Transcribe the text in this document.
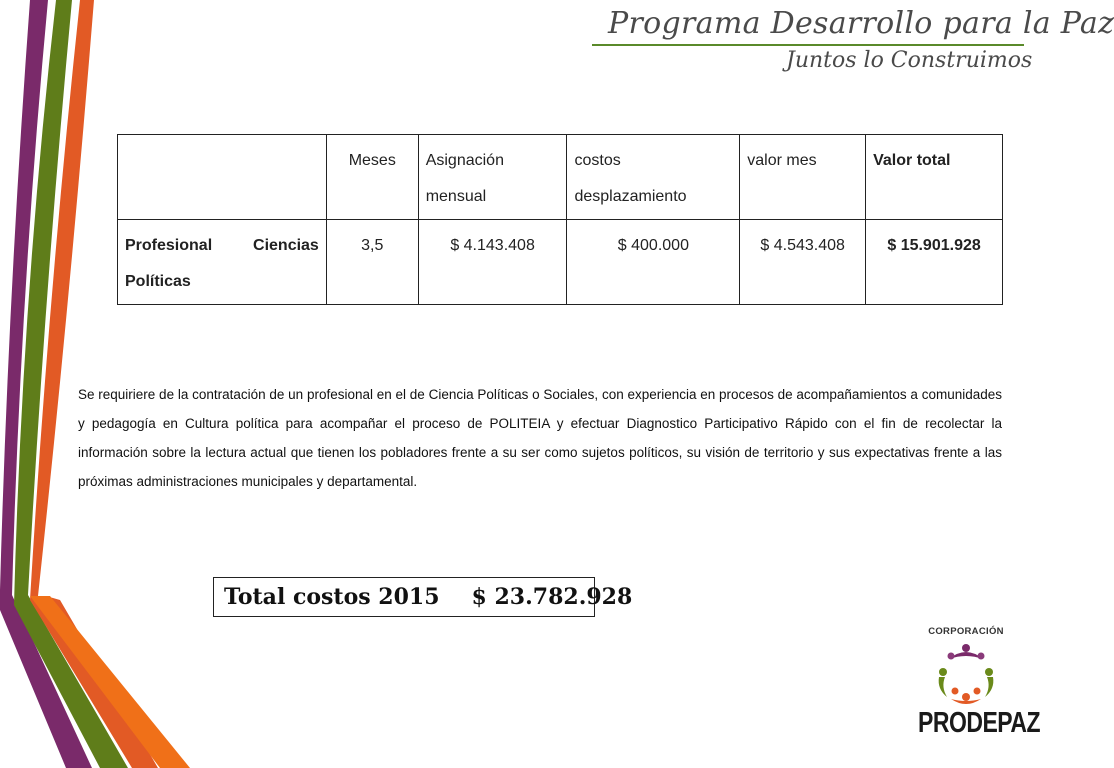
Programa Desarrollo para la Paz
Juntos lo Construimos
	Meses	Asignación mensual	costos desplazamiento	valor mes	Valor total

Profesional Ciencias
Políticas	3,5	$ 4.143.408	$ 400.000	$ 4.543.408	$ 15.901.928

Se requiriere de la contratación de un profesional en el de Ciencia Políticas o Sociales, con experiencia en procesos de acompañamientos a comunidades y pedagogía en Cultura política para acompañar el proceso de POLITEIA y efectuar Diagnostico Participativo Rápido con el fin de recolectar la información sobre la lectura actual que tienen los pobladores frente a su ser como sujetos políticos, su visión de territorio y sus expectativas frente a las próximas administraciones municipales y departamental.

Total costos 2015 $ 23.782.928
CORPORACIÓN
PRODEPAZ
